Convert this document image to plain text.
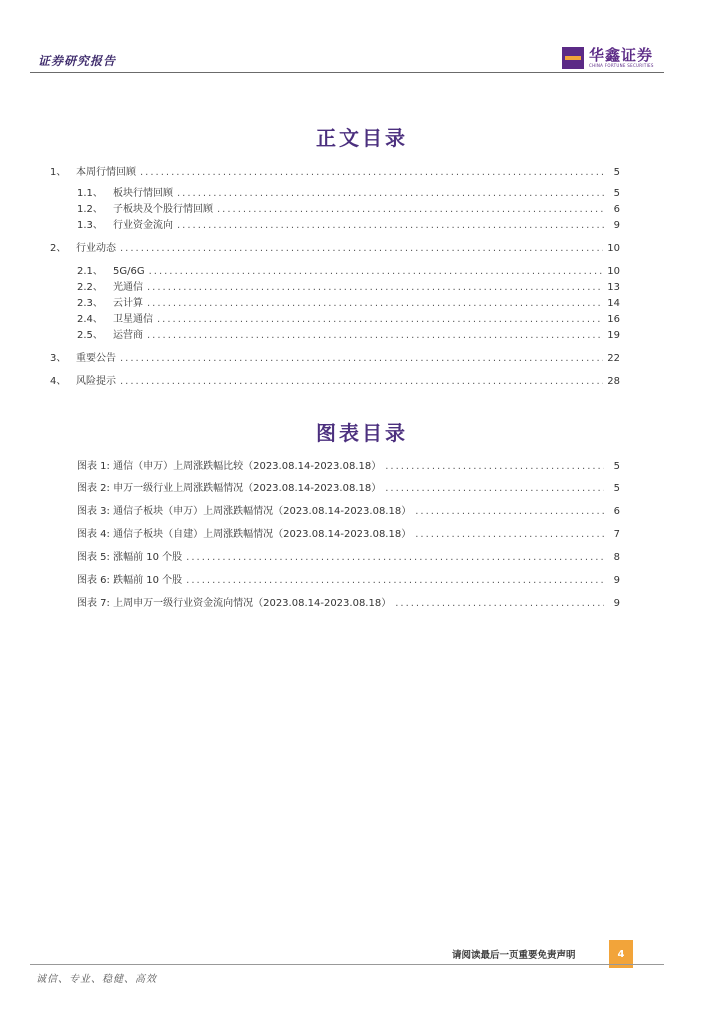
证券研究报告	华鑫证券
CHINA FORTUNE SECURITIES
正文目录
1、 本周行情回顾 .....	5
1.1、	板块行情回顾 .....	5
1.2、	子板块及个股行情回顾 .....	6
1.3、	行业资金流向 .....	9
2、 行业动态 .....	10
2.1、	5G/6G .....	10
2.2、	光通信 .....	13
2.3、	云计算 .....	14
2.4、	卫星通信 .....	16
2.5、	运营商 .....	19
3、 重要公告 .....	22
4、 风险提示 .....	28
图表目录
图表 1: 通信（申万）上周涨跌幅比较（2023.08.14-2023.08.18） .....	5
图表 2: 申万一级行业上周涨跌幅情况（2023.08.14-2023.08.18） .....	5
图表 3: 通信子板块（申万）上周涨跌幅情况（2023.08.14-2023.08.18） .....	6
图表 4: 通信子板块（自建）上周涨跌幅情况（2023.08.14-2023.08.18） .....	7
图表 5: 涨幅前 10 个股 .....	8
图表 6: 跌幅前 10 个股 .....	9
图表 7: 上周申万一级行业资金流向情况（2023.08.14-2023.08.18） .....	9
请阅读最后一页重要免责声明	4
诚信、专业、稳健、高效
